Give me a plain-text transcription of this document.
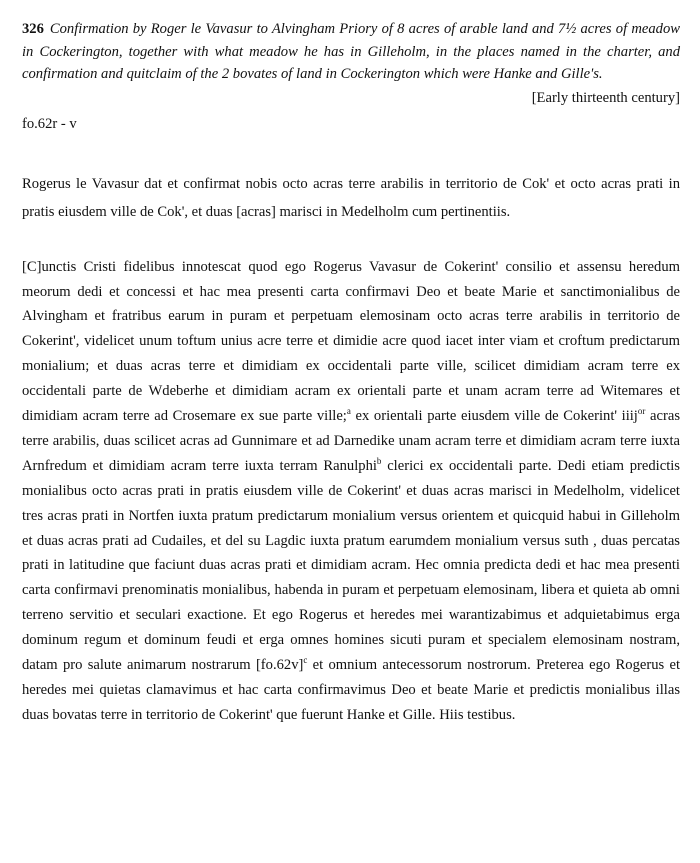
326 Confirmation by Roger le Vavasur to Alvingham Priory of 8 acres of arable land and 7½ acres of meadow in Cockerington, together with what meadow he has in Gilleholm, in the places named in the charter, and confirmation and quitclaim of the 2 bovates of land in Cockerington which were Hanke and Gille's.

[Early thirteenth century]
fo.62r - v

Rogerus le Vavasur dat et confirmat nobis octo acras terre arabilis in territorio de Cok' et octo acras prati in pratis eiusdem ville de Cok', et duas [acras] marisci in Medelholm cum pertinentiis.

[C]unctis Cristi fidelibus innotescat quod ego Rogerus Vavasur de Cokerint' consilio et assensu heredum meorum dedi et concessi et hac mea presenti carta confirmavi Deo et beate Marie et sanctimonialibus de Alvingham et fratribus earum in puram et perpetuam elemosinam octo acras terre arabilis in territorio de Cokerint', videlicet unum toftum unius acre terre et dimidie acre quod iacet inter viam et croftum predictarum monialium; et duas acras terre et dimidiam ex occidentali parte ville, scilicet dimidiam acram terre ex occidentali parte de Wdeberhe et dimidiam acram ex orientali parte et unam acram terre ad Witemares et dimidiam acram terre ad Crosemare ex sue parte ville;$^a$ ex orientali parte eiusdem ville de Cokerint' iiij$^{or}$ acras terre arabilis, duas scilicet acras ad Gunnimare et ad Darnedike unam acram terre et dimidiam acram terre iuxta Arnfredum et dimidiam acram terre iuxta terram Ranulphi$^b$ clerici ex occidentali parte. Dedi etiam predictis monialibus octo acras prati in pratis eiusdem ville de Cokerint' et duas acras marisci in Medelholm, videlicet tres acras prati in Nortfen iuxta pratum predictarum monialium versus orientem et quicquid habui in Gilleholm et duas acras prati ad Cudailes, et del su Lagdic iuxta pratum earumdem monialium versus suth , duas percatas prati in latitudine que faciunt duas acras prati et dimidiam acram. Hec omnia predicta dedi et hac mea presenti carta confirmavi prenominatis monialibus, habenda in puram et perpetuam elemosinam, libera et quieta ab omni terreno servitio et seculari exactione. Et ego Rogerus et heredes mei warantizabimus et adquietabimus erga dominum regum et dominum feudi et erga omnes homines sicuti puram et specialem elemosinam nostram, datam pro salute animarum nostrarum $[fo.62v]^c$ et omnium antecessorum nostrorum. Preterea ego Rogerus et heredes mei quietas clamavimus et hac carta confirmavimus Deo et beate Marie et predictis monialibus illas duas bovatas terre in territorio de Cokerint' que fuerunt Hanke et Gille. Hiis testibus.
